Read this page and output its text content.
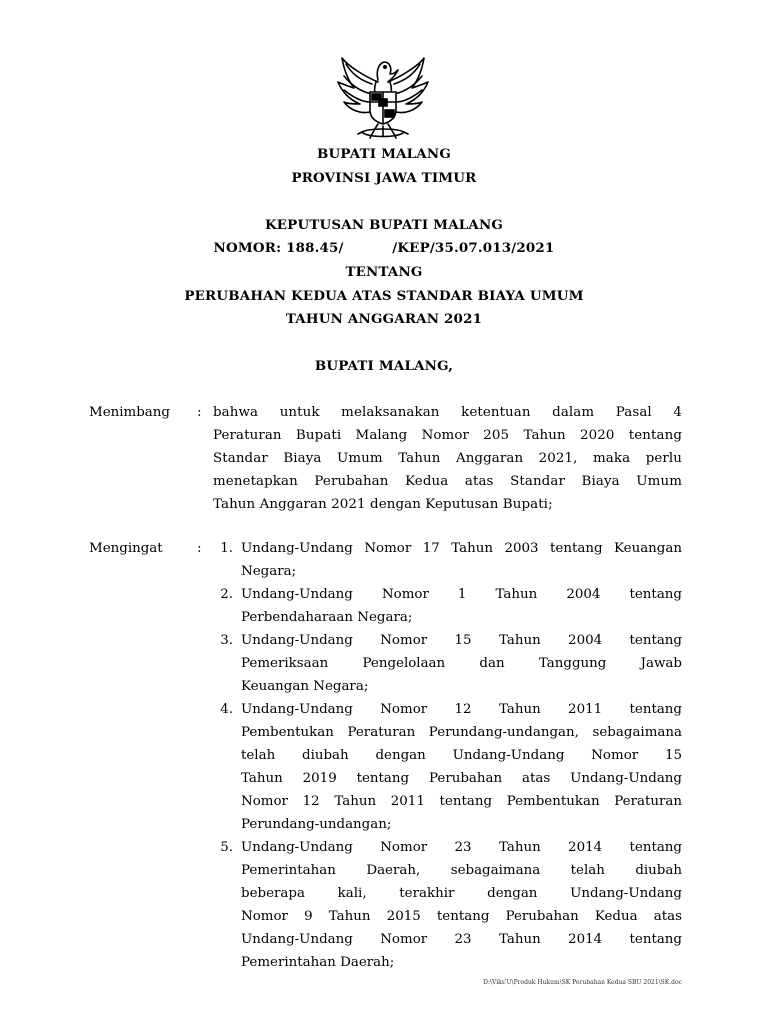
BUPATI MALANG
PROVINSI JAWA TIMUR
KEPUTUSAN BUPATI MALANG
NOMOR: 188.45/          /KEP/35.07.013/2021
TENTANG
PERUBAHAN KEDUA ATAS STANDAR BIAYA UMUM
TAHUN ANGGARAN 2021
BUPATI MALANG,
Menimbang : bahwa untuk melaksanakan ketentuan dalam Pasal 4
Peraturan Bupati Malang Nomor 205 Tahun 2020 tentang
Standar Biaya Umum Tahun Anggaran 2021, maka perlu
menetapkan Perubahan Kedua atas Standar Biaya Umum
Tahun Anggaran 2021 dengan Keputusan Bupati;
Mengingat	:	1. Undang-Undang Nomor 17 Tahun 2003 tentang Keuangan
Negara;
2. Undang-Undang Nomor 1 Tahun 2004 tentang
Perbendaharaan Negara;
3. Undang-Undang Nomor 15 Tahun 2004 tentang
Pemeriksaan Pengelolaan dan Tanggung Jawab
Keuangan Negara;
4. Undang-Undang Nomor 12 Tahun 2011 tentang
Pembentukan Peraturan Perundang-undangan, sebagaimana
telah diubah dengan Undang-Undang Nomor 15
Tahun 2019 tentang Perubahan atas Undang-Undang
Nomor 12 Tahun 2011 tentang Pembentukan Peraturan
Perundang-undangan;
5. Undang-Undang Nomor 23 Tahun 2014 tentang
Pemerintahan Daerah, sebagaimana telah diubah
beberapa kali, terakhir dengan Undang-Undang
Nomor 9 Tahun 2015 tentang Perubahan Kedua atas
Undang-Undang Nomor 23 Tahun 2014 tentang
Pemerintahan Daerah;
D:\Viks'U\Produk Hukum\SK Perubahan Kedua SBU 2021\SK.doc
